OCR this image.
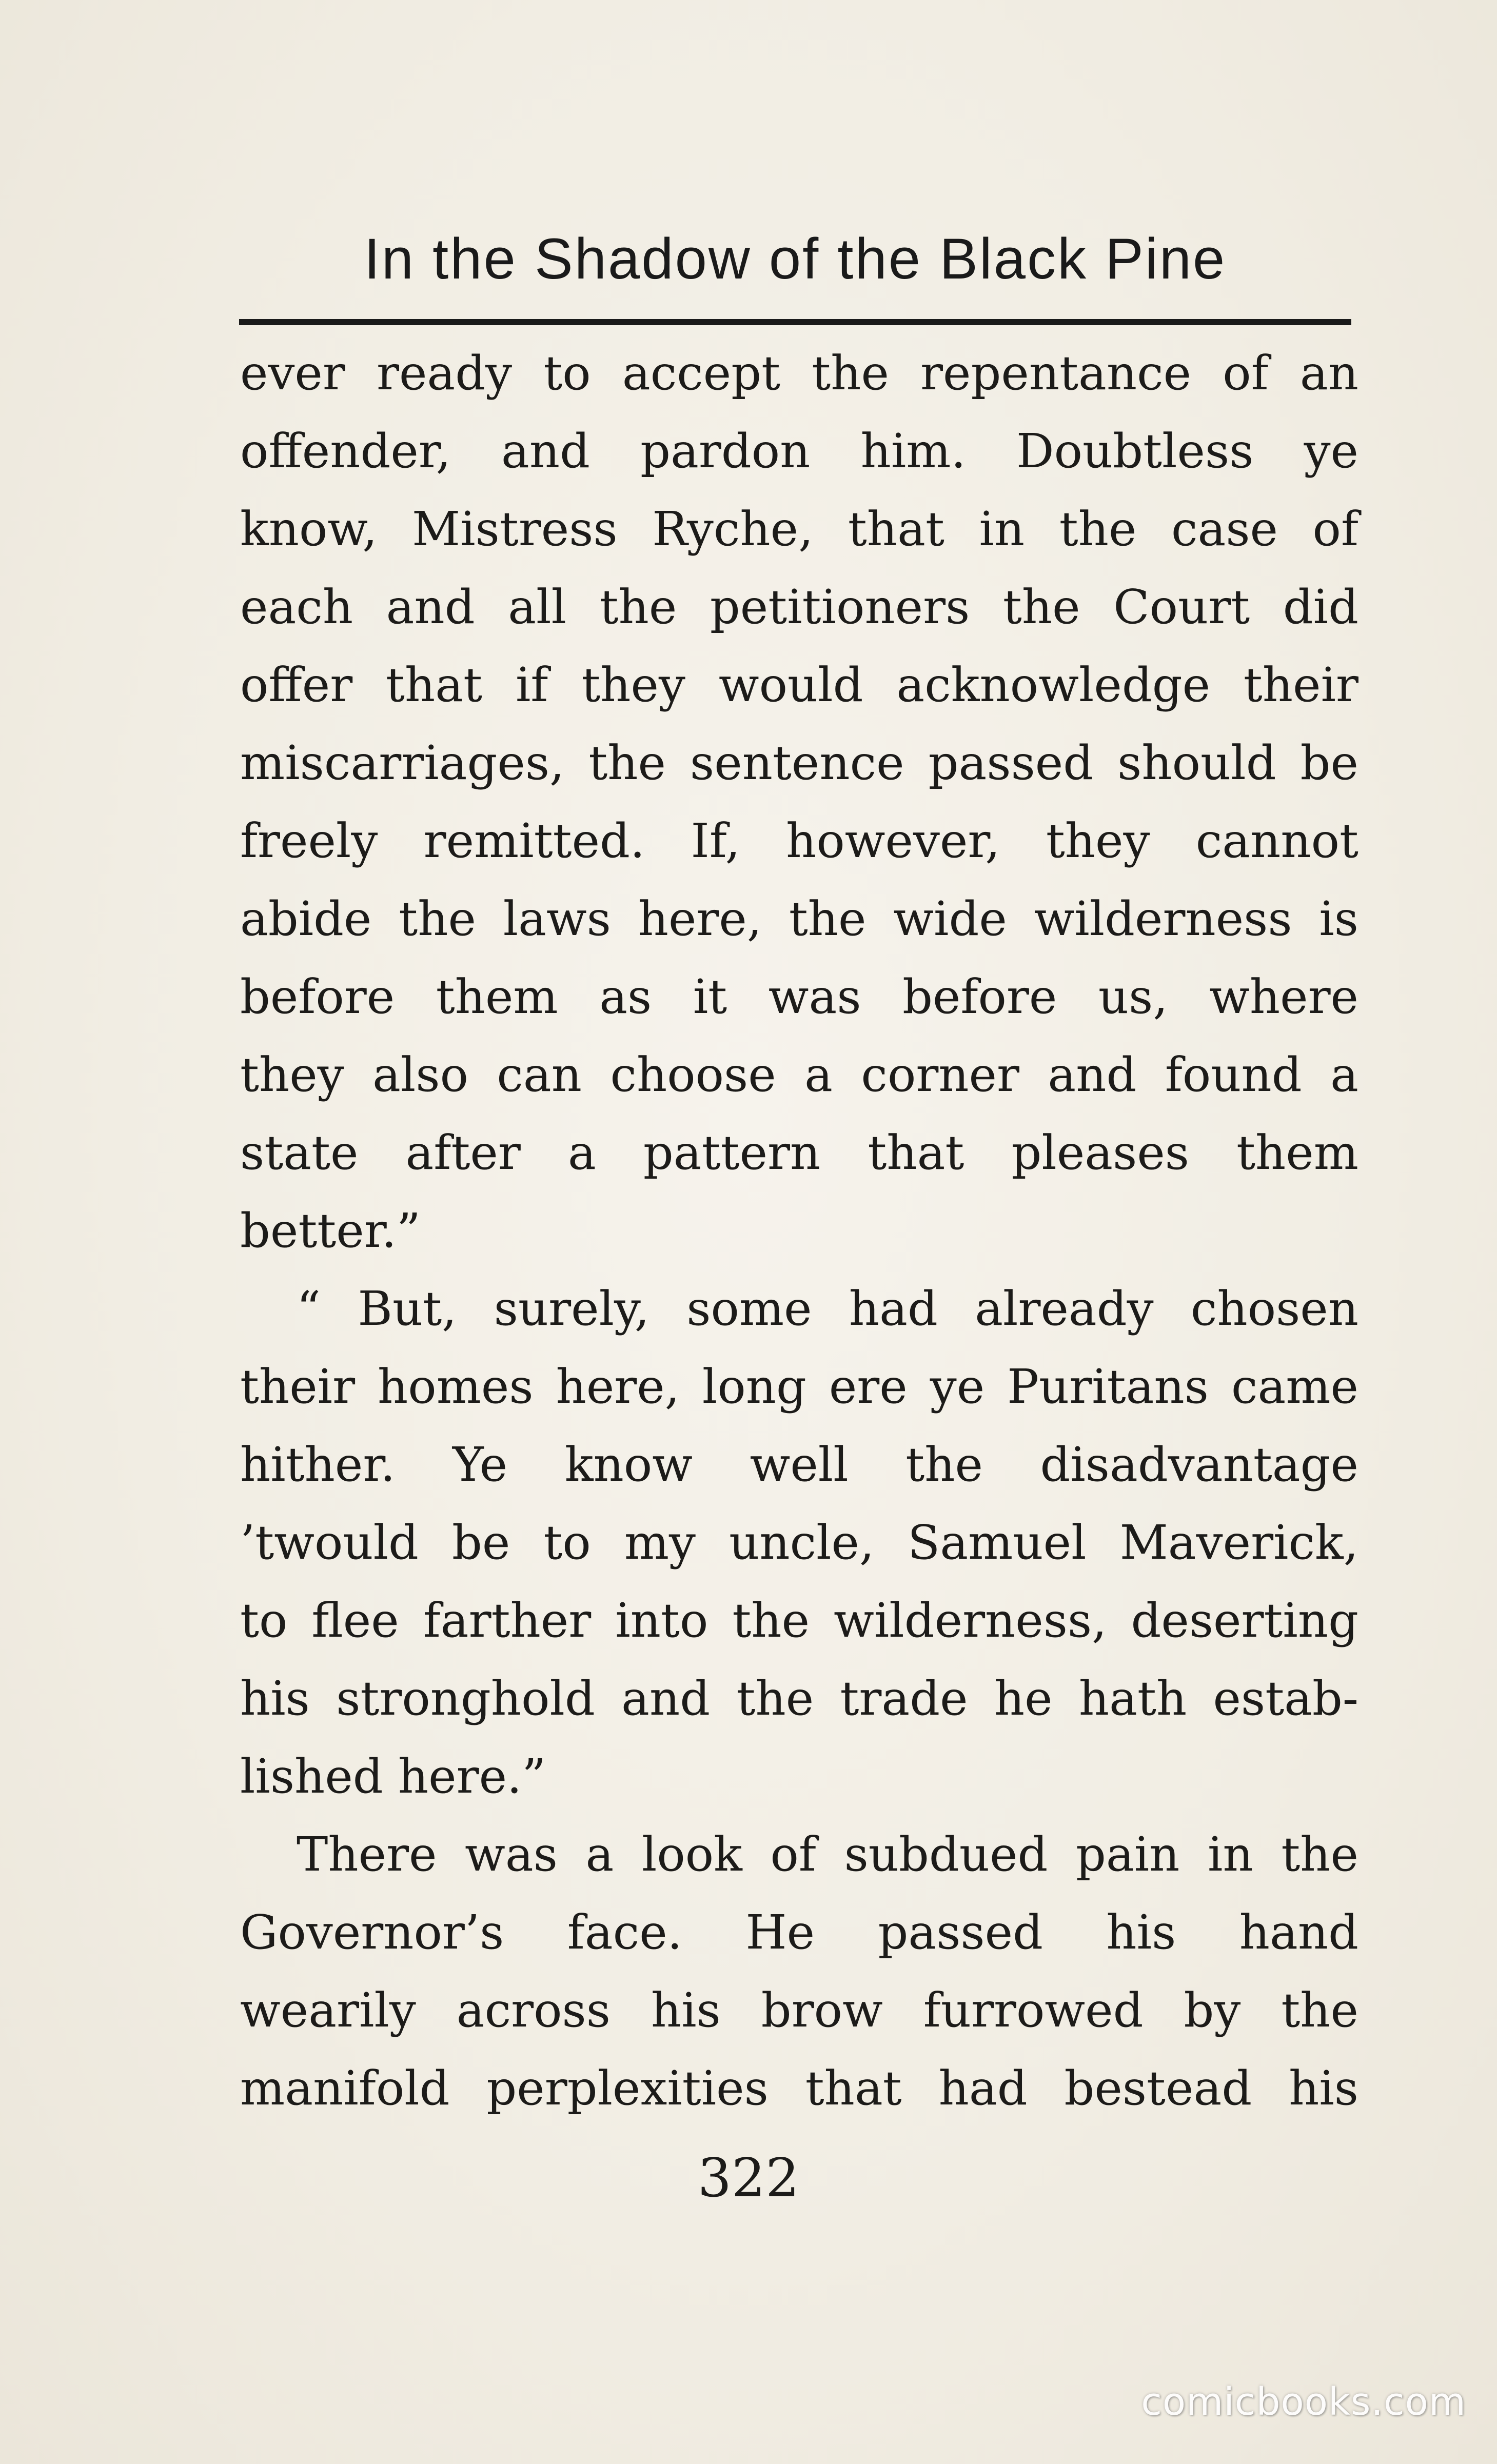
In the Shadow of the Black Pine
ever ready to accept the repentance of an
offender, and pardon him. Doubtless ye
know, Mistress Ryche, that in the case of
each and all the petitioners the Court did
offer that if they would acknowledge their
miscarriages, the sentence passed should be
freely remitted. If, however, they cannot
abide the laws here, the wide wilderness is
before them as it was before us, where
they also can choose a corner and found a
state after a pattern that pleases them
better.”
“ But, surely, some had already chosen
their homes here, long ere ye Puritans came
hither. Ye know well the disadvantage
’twould be to my uncle, Samuel Maverick,
to flee farther into the wilderness, deserting
his stronghold and the trade he hath estab-
lished here.”
There was a look of subdued pain in the
Governor’s face. He passed his hand
wearily across his brow furrowed by the
manifold perplexities that had bestead his
322
comicbooks.com
